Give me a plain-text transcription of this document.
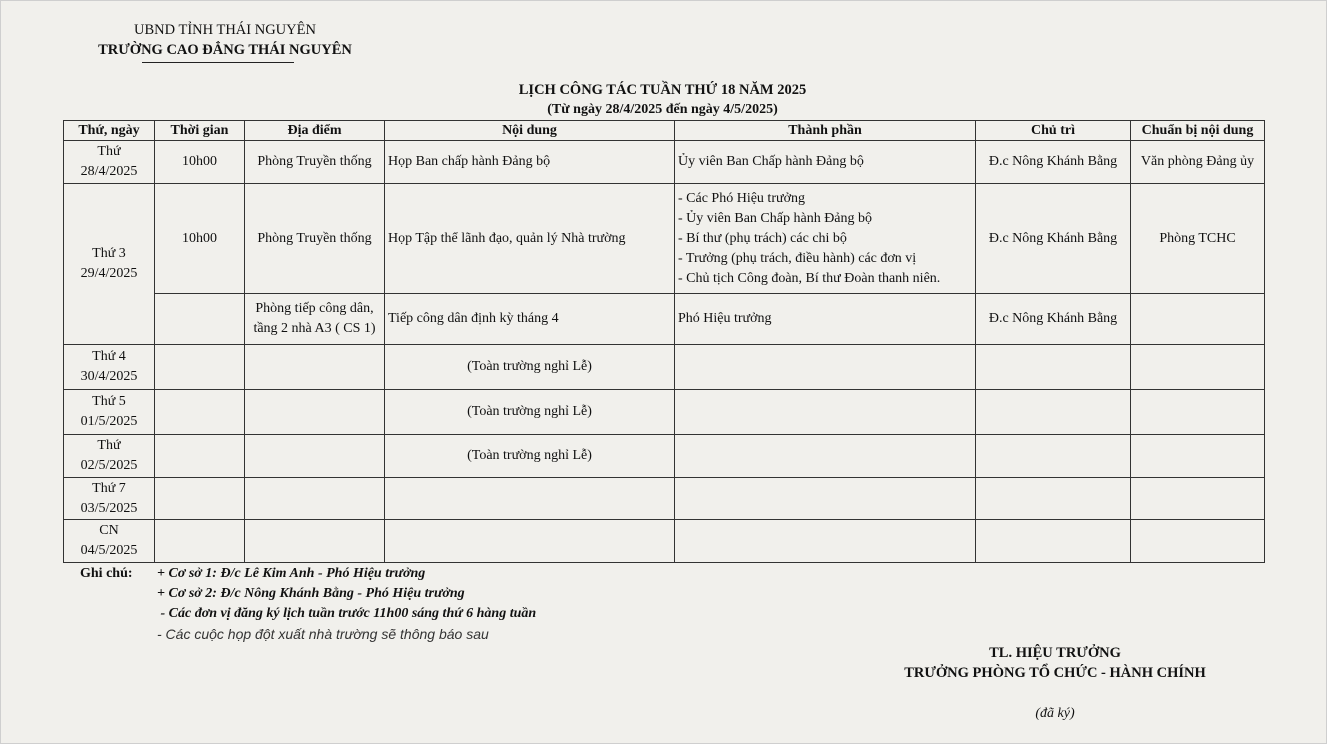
UBND TỈNH THÁI NGUYÊN
TRƯỜNG CAO ĐẲNG THÁI NGUYÊN
LỊCH CÔNG TÁC TUẦN THỨ 18 NĂM 2025
(Từ ngày 28/4/2025 đến ngày 4/5/2025)
Thứ, ngày	Thời gian	Địa điểm	Nội dung	Thành phần	Chủ trì	Chuẩn bị nội dung

Thứ
28/4/2025	10h00	Phòng Truyền thống	Họp Ban chấp hành Đảng bộ	Ủy viên Ban Chấp hành Đảng bộ	Đ.c Nông Khánh Bằng	Văn phòng Đảng ủy

Thứ 3
29/4/2025	10h00	Phòng Truyền thống	Họp Tập thể lãnh đạo, quản lý Nhà trường	- Các Phó Hiệu trưởng
- Ủy viên Ban Chấp hành Đảng bộ
- Bí thư (phụ trách) các chi bộ
- Trưởng (phụ trách, điều hành) các đơn vị
- Chủ tịch Công đoàn, Bí thư Đoàn thanh niên.	Đ.c Nông Khánh Bằng	Phòng TCHC

		Phòng tiếp công dân,
tầng 2 nhà A3 ( CS 1)	Tiếp công dân định kỳ tháng 4	Phó Hiệu trưởng	Đ.c Nông Khánh Bằng	

Thứ 4
30/4/2025			(Toàn trường nghỉ Lễ)			

Thứ 5
01/5/2025			(Toàn trường nghỉ Lễ)			

Thứ
02/5/2025			(Toàn trường nghỉ Lễ)			

Thứ 7
03/5/2025						

CN
04/5/2025						

Ghi chú: + Cơ sở 1: Đ/c Lê Kim Anh - Phó Hiệu trưởng
+ Cơ sở 2: Đ/c Nông Khánh Bằng - Phó Hiệu trưởng
- Các đơn vị đăng ký lịch tuần trước 11h00 sáng thứ 6 hàng tuần
- Các cuộc họp đột xuất nhà trường sẽ thông báo sau
TL. HIỆU TRƯỞNG
TRƯỞNG PHÒNG TỔ CHỨC - HÀNH CHÍNH
(đã ký)
